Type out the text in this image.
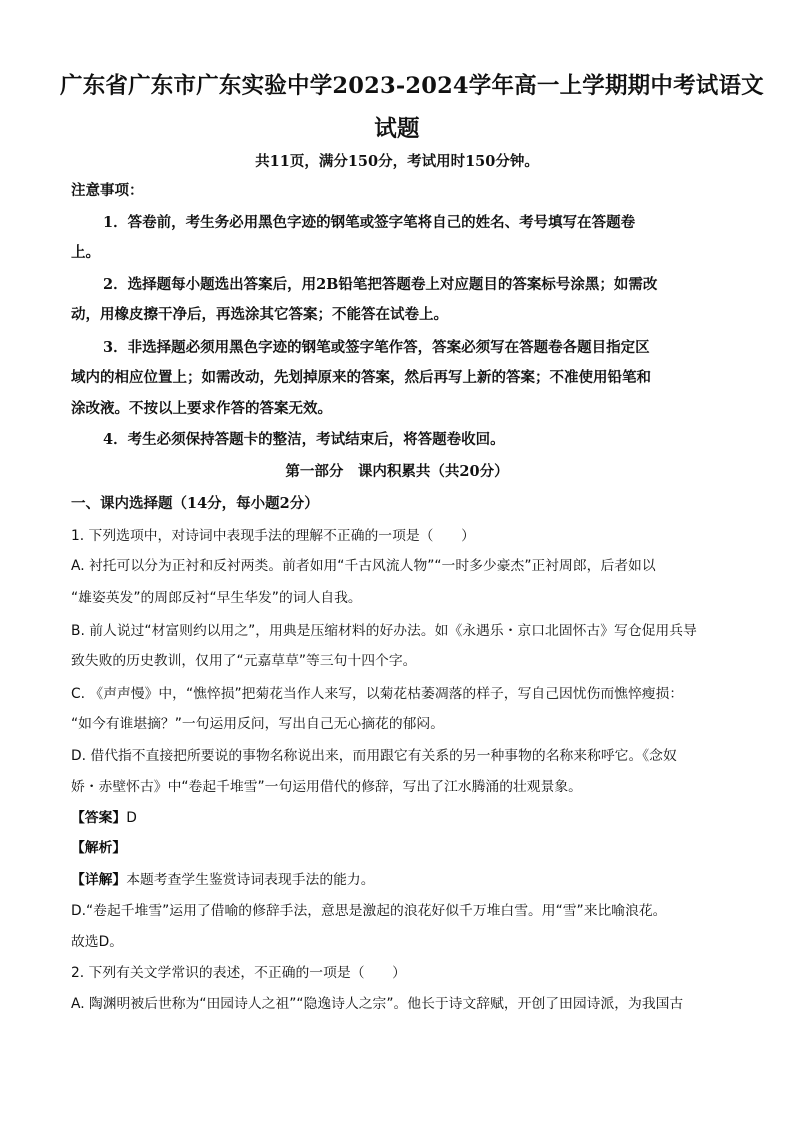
广东省广东市广东实验中学2023-2024学年高一上学期期中考试语文
试题
共11页，满分150分，考试用时150分钟。
注意事项：
1．答卷前，考生务必用黑色字迹的钢笔或签字笔将自己的姓名、考号填写在答题卷
上。
2．选择题每小题选出答案后，用2B铅笔把答题卷上对应题目的答案标号涂黑；如需改
动，用橡皮擦干净后，再选涂其它答案；不能答在试卷上。
3．非选择题必须用黑色字迹的钢笔或签字笔作答，答案必须写在答题卷各题目指定区
域内的相应位置上；如需改动，先划掉原来的答案，然后再写上新的答案；不准使用铅笔和
涂改液。不按以上要求作答的答案无效。
4．考生必须保持答题卡的整洁，考试结束后，将答题卷收回。
第一部分　课内积累共（共20分）
一、课内选择题（14分，每小题2分）
1. 下列选项中，对诗词中表现手法的理解不正确的一项是（　　）
A. 衬托可以分为正衬和反衬两类。前者如用“千古风流人物”“一时多少豪杰”正衬周郎，后者如以
“雄姿英发”的周郎反衬“早生华发”的词人自我。
B. 前人说过“材富则约以用之”，用典是压缩材料的好办法。如《永遇乐・京口北固怀古》写仓促用兵导
致失败的历史教训，仅用了“元嘉草草”等三句十四个字。
C. 《声声慢》中，“憔悴损”把菊花当作人来写，以菊花枯萎凋落的样子，写自己因忧伤而憔悴瘦损：
“如今有谁堪摘？”一句运用反问，写出自己无心摘花的郁闷。
D. 借代指不直接把所要说的事物名称说出来，而用跟它有关系的另一种事物的名称来称呼它。《念奴
娇・赤壁怀古》中“卷起千堆雪”一句运用借代的修辞，写出了江水腾涌的壮观景象。
【答案】D
【解析】
【详解】本题考查学生鉴赏诗词表现手法的能力。
D.“卷起千堆雪”运用了借喻的修辞手法，意思是激起的浪花好似千万堆白雪。用“雪”来比喻浪花。
故选D。
2. 下列有关文学常识的表述，不正确的一项是（　　）
A. 陶渊明被后世称为“田园诗人之祖”“隐逸诗人之宗”。他长于诗文辞赋，开创了田园诗派，为我国古
